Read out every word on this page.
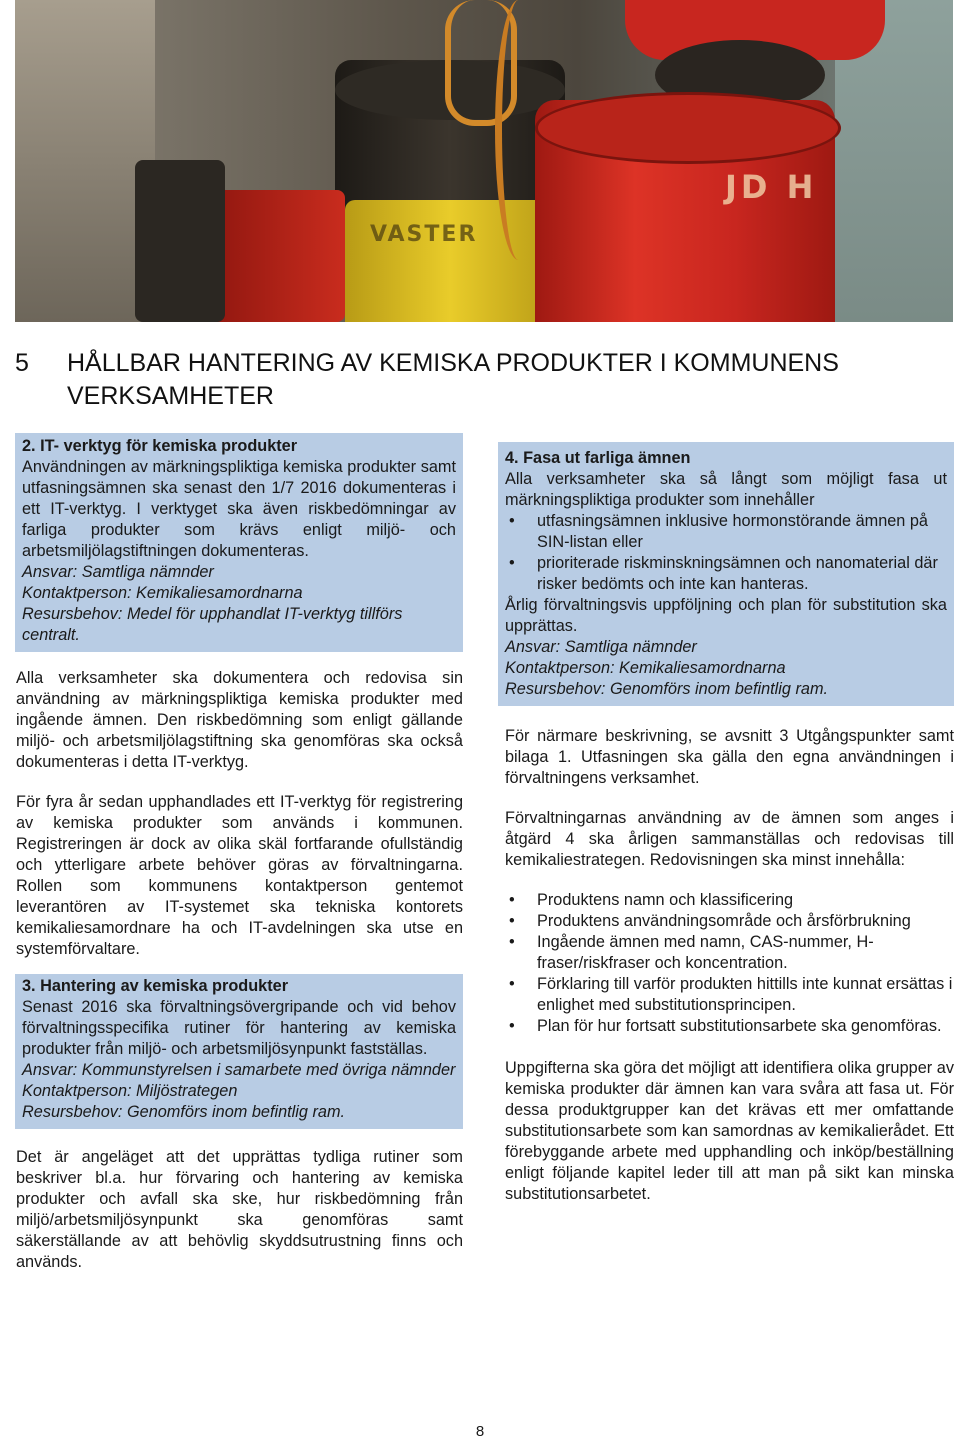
JD H
VASTER
5 HÅLLBAR HANTERING AV KEMISKA PRODUKTER I KOMMUNENS
VERKSAMHETER

2. IT- verktyg för kemiska produkter

Användningen av märkningspliktiga kemiska produkter samt utfasningsämnen ska senast den 1/7 2016 dokumenteras i ett IT-verktyg. I verktyget ska även riskbedömningar av farliga produkter som krävs enligt miljö- och arbetsmiljölagstiftningen dokumenteras.

Ansvar: Samtliga nämnder

Kontaktperson: Kemikaliesamordnarna

Resursbehov: Medel för upphandlat IT-verktyg tillförs centralt.

Alla verksamheter ska dokumentera och redovisa sin användning av märkningspliktiga kemiska produkter med ingående ämnen. Den riskbedömning som enligt gällande miljö- och arbetsmiljölagstiftning ska genomföras ska också dokumenteras i detta IT-verktyg.

För fyra år sedan upphandlades ett IT-verktyg för registrering av kemiska produkter som används i kommunen. Registreringen är dock av olika skäl fortfarande ofullständig och ytterligare arbete behöver göras av förvaltningarna. Rollen som kommunens kontaktperson gentemot leverantören av IT-systemet ska tekniska kontorets kemikaliesamordnare ha och IT-avdelningen ska utse en systemförvaltare.

3. Hantering av kemiska produkter

Senast 2016 ska förvaltningsövergripande och vid behov förvaltningsspecifika rutiner för hantering av kemiska produkter från miljö- och arbetsmiljösynpunkt fastställas.

Ansvar: Kommunstyrelsen i samarbete med övriga nämnder

Kontaktperson: Miljöstrategen

Resursbehov: Genomförs inom befintlig ram.

Det är angeläget att det upprättas tydliga rutiner som beskriver bl.a. hur förvaring och hantering av kemiska produkter och avfall ska ske, hur riskbedömning från miljö/arbetsmiljösynpunkt ska genomföras samt säkerställande av att behövlig skyddsutrustning finns och används.

4. Fasa ut farliga ämnen

Alla verksamheter ska så långt som möjligt fasa ut märkningspliktiga produkter som innehåller

• utfasningsämnen inklusive hormonstörande ämnen på SIN-listan eller
• prioriterade riskminskningsämnen och nanomaterial där risker bedömts och inte kan hanteras.

Årlig förvaltningsvis uppföljning och plan för substitution ska upprättas.

Ansvar: Samtliga nämnder

Kontaktperson: Kemikaliesamordnarna

Resursbehov: Genomförs inom befintlig ram.

För närmare beskrivning, se avsnitt 3 Utgångspunkter samt bilaga 1. Utfasningen ska gälla den egna användningen i förvaltningens verksamhet.

Förvaltningarnas användning av de ämnen som anges i åtgärd 4 ska årligen sammanställas och redovisas till kemikaliestrategen. Redovisningen ska minst innehålla:

• Produktens namn och klassificering
• Produktens användningsområde och årsförbrukning
• Ingående ämnen med namn, CAS-nummer, H-fraser/riskfraser och koncentration.
• Förklaring till varför produkten hittills inte kunnat ersättas i enlighet med substitutionsprincipen.
• Plan för hur fortsatt substitutionsarbete ska genomföras.

Uppgifterna ska göra det möjligt att identifiera olika grupper av kemiska produkter där ämnen kan vara svåra att fasa ut. För dessa produktgrupper kan det krävas ett mer omfattande substitutionsarbete som kan samordnas av kemikalierådet. Ett förebyggande arbete med upphandling och inköp/beställning enligt följande kapitel leder till att man på sikt kan minska substitutionsarbetet.

8
